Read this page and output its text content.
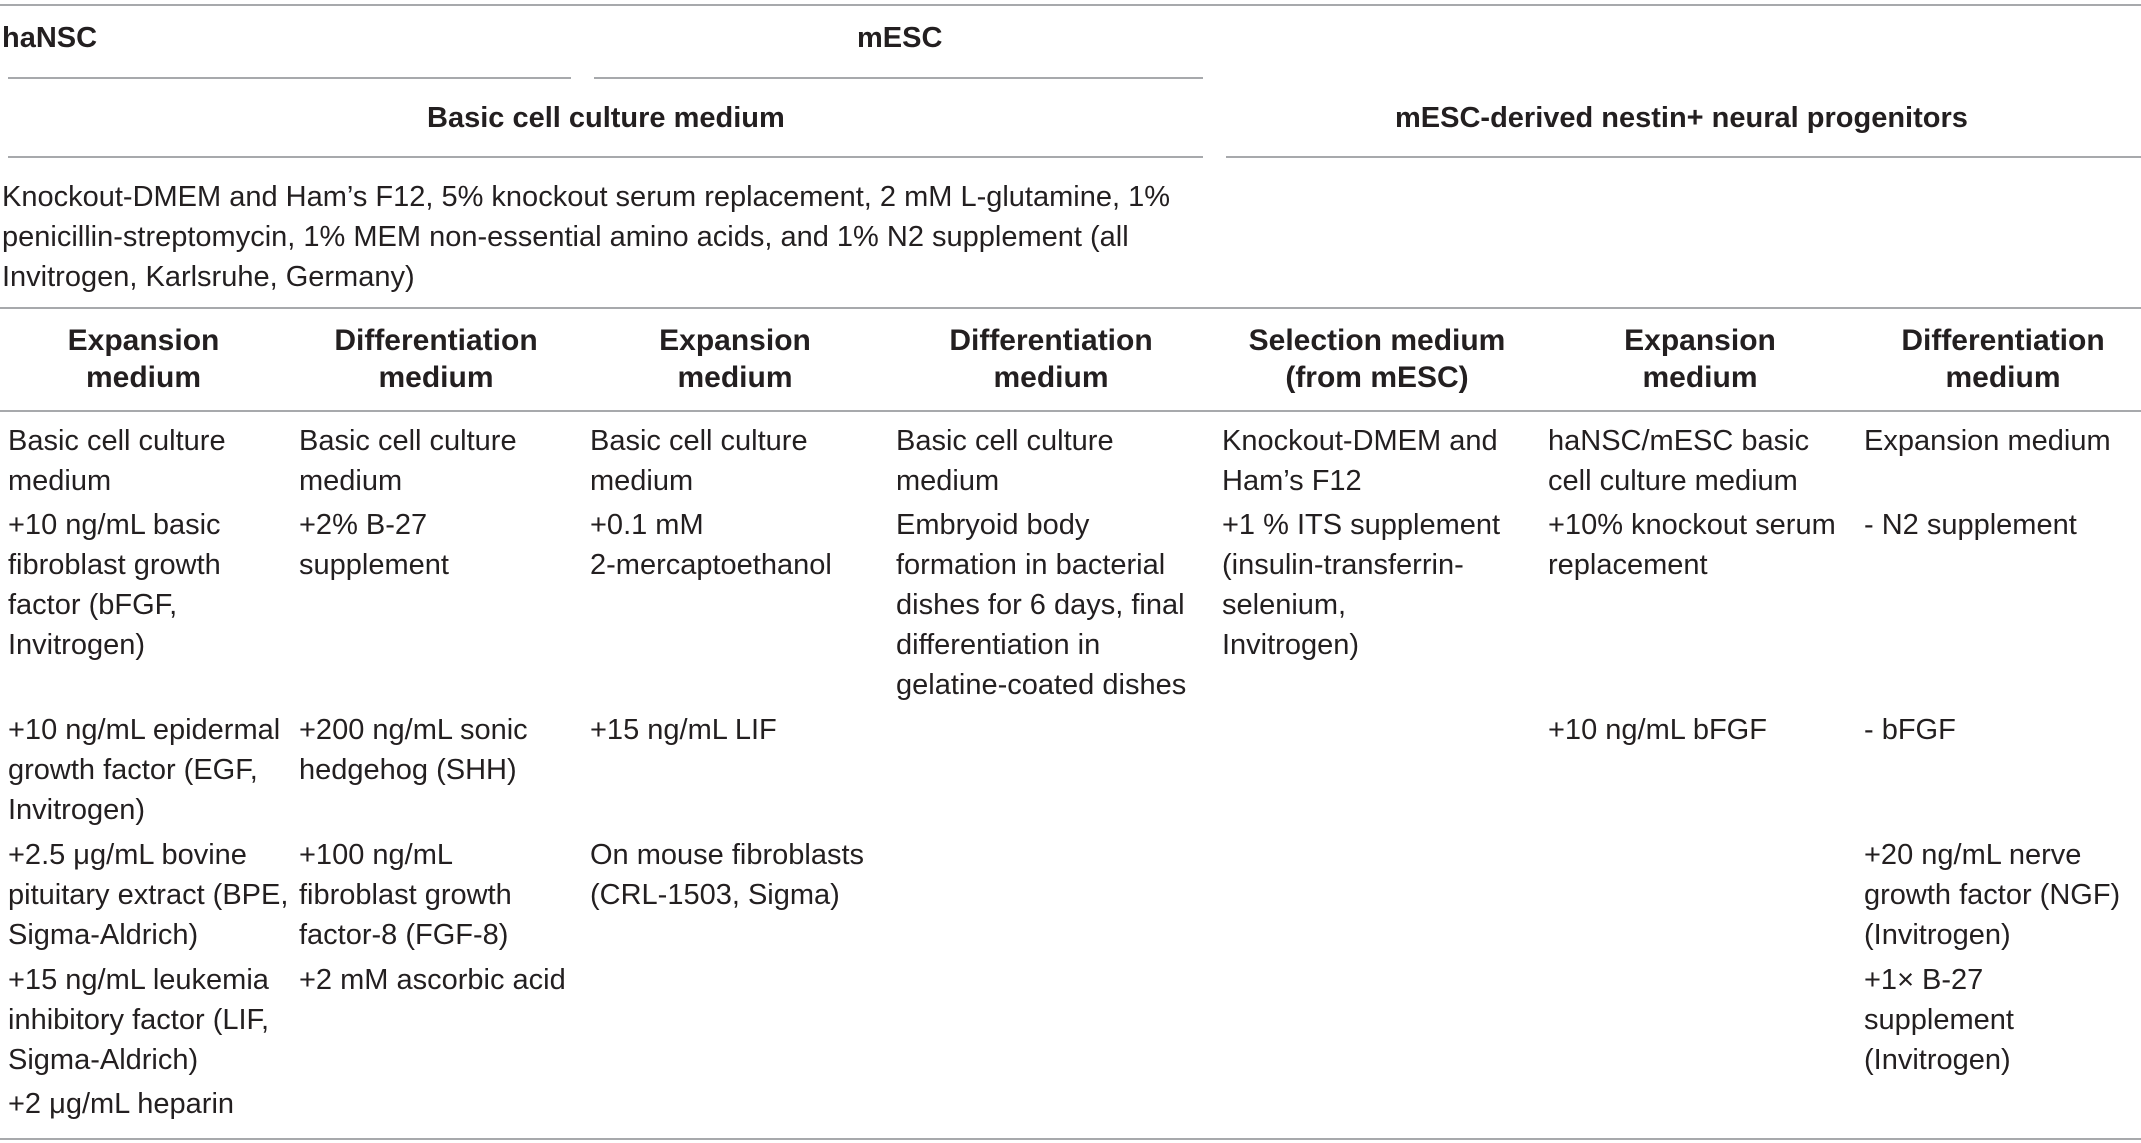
haNSC	mESC
Basic cell culture medium	mESC-derived nestin+ neural progenitors
Knockout-DMEM and Ham’s F12, 5% knockout serum replacement, 2 mM L-glutamine, 1%
penicillin-streptomycin, 1% MEM non-essential amino acids, and 1% N2 supplement (all
Invitrogen, Karlsruhe, Germany)
Expansion
medium
Differentiation
medium
Expansion
medium
Differentiation
medium
Selection medium
(from mESC)
Expansion
medium
Differentiation
medium
Basic cell culture
medium
+10 ng/mL basic
fibroblast growth
factor (bFGF,
Invitrogen)
+10 ng/mL epidermal
growth factor (EGF,
Invitrogen)
+2.5 μg/mL bovine
pituitary extract (BPE,
Sigma-Aldrich)
+15 ng/mL leukemia
inhibitory factor (LIF,
Sigma-Aldrich)
+2 μg/mL heparin
Basic cell culture
medium
+2% B-27
supplement
+200 ng/mL sonic
hedgehog (SHH)
+100 ng/mL
fibroblast growth
factor-8 (FGF-8)
+2 mM ascorbic acid
Basic cell culture
medium
+0.1 mM
2-mercaptoethanol
+15 ng/mL LIF
On mouse fibroblasts
(CRL-1503, Sigma)
Basic cell culture
medium
Embryoid body
formation in bacterial
dishes for 6 days, final
differentiation in
gelatine-coated dishes
Knockout-DMEM and
Ham’s F12
+1 % ITS supplement
(insulin-transferrin-
selenium,
Invitrogen)
haNSC/mESC basic
cell culture medium
+10% knockout serum
replacement
+10 ng/mL bFGF
Expansion medium
- N2 supplement
- bFGF
+20 ng/mL nerve
growth factor (NGF)
(Invitrogen)
+1× B-27
supplement
(Invitrogen)
